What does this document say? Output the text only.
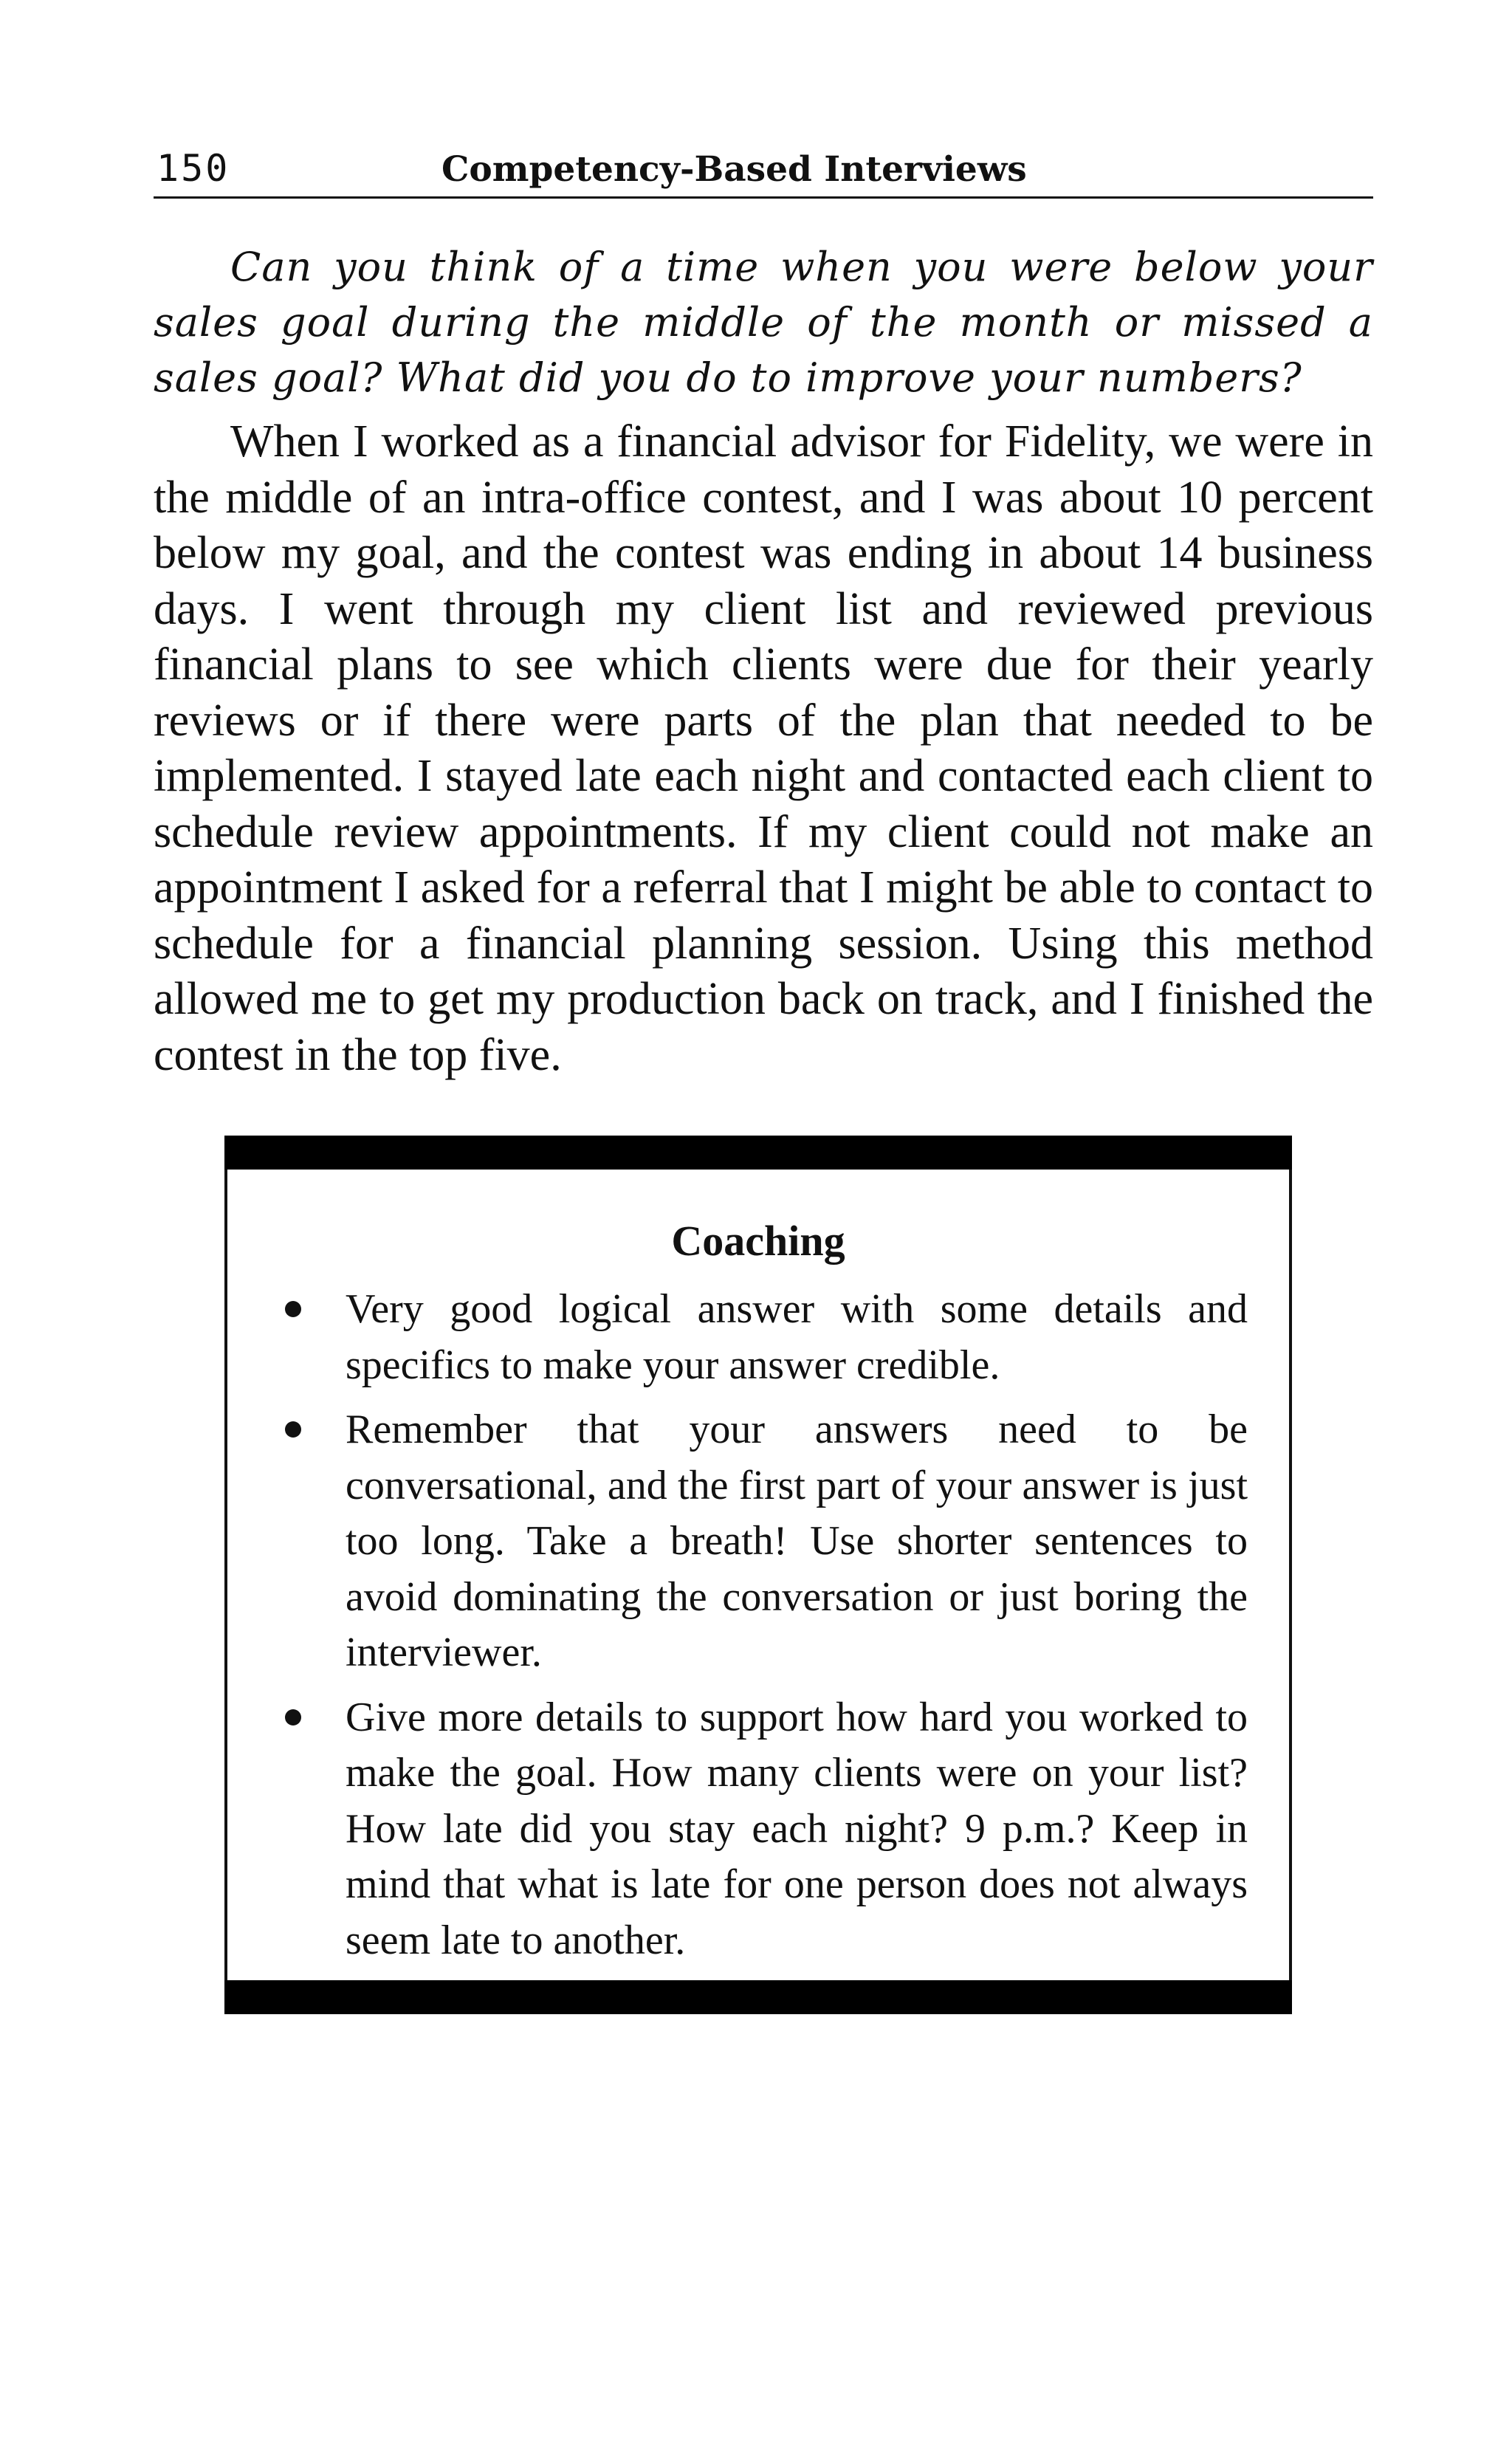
150	Competency-Based Interviews

Can you think of a time when you were below your sales goal during the middle of the month or missed a sales goal? What did you do to improve your numbers?

When I worked as a financial advisor for Fidelity, we were in the middle of an intra-office contest, and I was about 10 percent below my goal, and the contest was ending in about 14 business days. I went through my client list and reviewed previous financial plans to see which clients were due for their yearly reviews or if there were parts of the plan that needed to be implemented. I stayed late each night and contacted each client to schedule review appointments. If my client could not make an appointment I asked for a referral that I might be able to contact to schedule for a financial planning session. Using this method allowed me to get my production back on track, and I finished the contest in the top five.

Coaching
Very good logical answer with some details and specifics to make your answer credible.
Remember that your answers need to be conversational, and the first part of your answer is just too long. Take a breath! Use shorter sentences to avoid dominating the conversation or just boring the interviewer.
Give more details to support how hard you worked to make the goal. How many clients were on your list? How late did you stay each night? 9 p.m.? Keep in mind that what is late for one person does not always seem late to another.
